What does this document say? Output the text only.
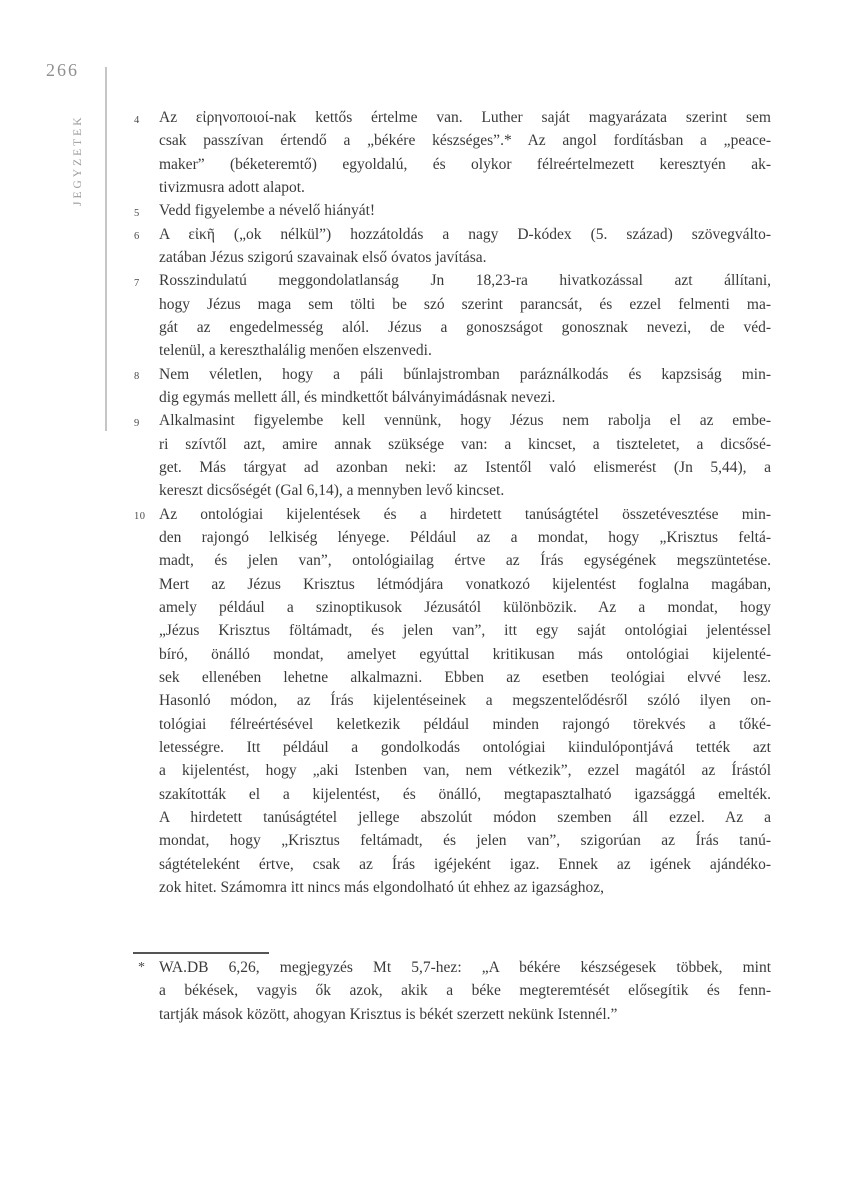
266
JEGYZETEK	4 Az εἰρηνοποιοί-nak kettős értelme van. Luther saját magyarázata szerint sem
csak passzívan értendő a „békére készséges”.* Az angol fordításban a „peace-
maker” (béketeremtő) egyoldalú, és olykor félreértelmezett keresztyén ak-
tivizmusra adott alapot.
5 Vedd figyelembe a névelő hiányát!
6 A εἰκῆ („ok nélkül”) hozzátoldás a nagy D-kódex (5. század) szövegválto-
zatában Jézus szigorú szavainak első óvatos javítása.
7 Rosszindulatú meggondolatlanság Jn 18,23-ra hivatkozással azt állítani,
hogy Jézus maga sem tölti be szó szerint parancsát, és ezzel felmenti ma-
gát az engedelmesség alól. Jézus a gonoszságot gonosznak nevezi, de véd-
telenül, a kereszthalálig menően elszenvedi.
8 Nem véletlen, hogy a páli bűnlajstromban paráználkodás és kapzsiság min-
dig egymás mellett áll, és mindkettőt bálványimádásnak nevezi.
9 Alkalmasint figyelembe kell vennünk, hogy Jézus nem rabolja el az embe-
ri szívtől azt, amire annak szüksége van: a kincset, a tiszteletet, a dicsősé-
get. Más tárgyat ad azonban neki: az Istentől való elismerést (Jn 5,44), a
kereszt dicsőségét (Gal 6,14), a mennyben levő kincset.
10 Az ontológiai kijelentések és a hirdetett tanúságtétel összetévesztése min-
den rajongó lelkiség lényege. Például az a mondat, hogy „Krisztus feltá-
madt, és jelen van”, ontológiailag értve az Írás egységének megszüntetése.
Mert az Jézus Krisztus létmódjára vonatkozó kijelentést foglalna magában,
amely például a szinoptikusok Jézusától különbözik. Az a mondat, hogy
„Jézus Krisztus föltámadt, és jelen van”, itt egy saját ontológiai jelentéssel
bíró, önálló mondat, amelyet egyúttal kritikusan más ontológiai kijelenté-
sek ellenében lehetne alkalmazni. Ebben az esetben teológiai elvvé lesz.
Hasonló módon, az Írás kijelentéseinek a megszentelődésről szóló ilyen on-
tológiai félreértésével keletkezik például minden rajongó törekvés a tőké-
letességre. Itt például a gondolkodás ontológiai kiindulópontjává tették azt
a kijelentést, hogy „aki Istenben van, nem vétkezik”, ezzel magától az Írástól
szakították el a kijelentést, és önálló, megtapasztalható igazsággá emelték.
A hirdetett tanúságtétel jellege abszolút módon szemben áll ezzel. Az a
mondat, hogy „Krisztus feltámadt, és jelen van”, szigorúan az Írás tanú-
ságtételeként értve, csak az Írás igéjeként igaz. Ennek az igének ajándéko-
zok hitet. Számomra itt nincs más elgondolható út ehhez az igazsághoz,
* WA.DB 6,26, megjegyzés Mt 5,7-hez: „A békére készségesek többek, mint
a békések, vagyis ők azok, akik a béke megteremtését elősegítik és fenn-
tartják mások között, ahogyan Krisztus is békét szerzett nekünk Istennél.”
